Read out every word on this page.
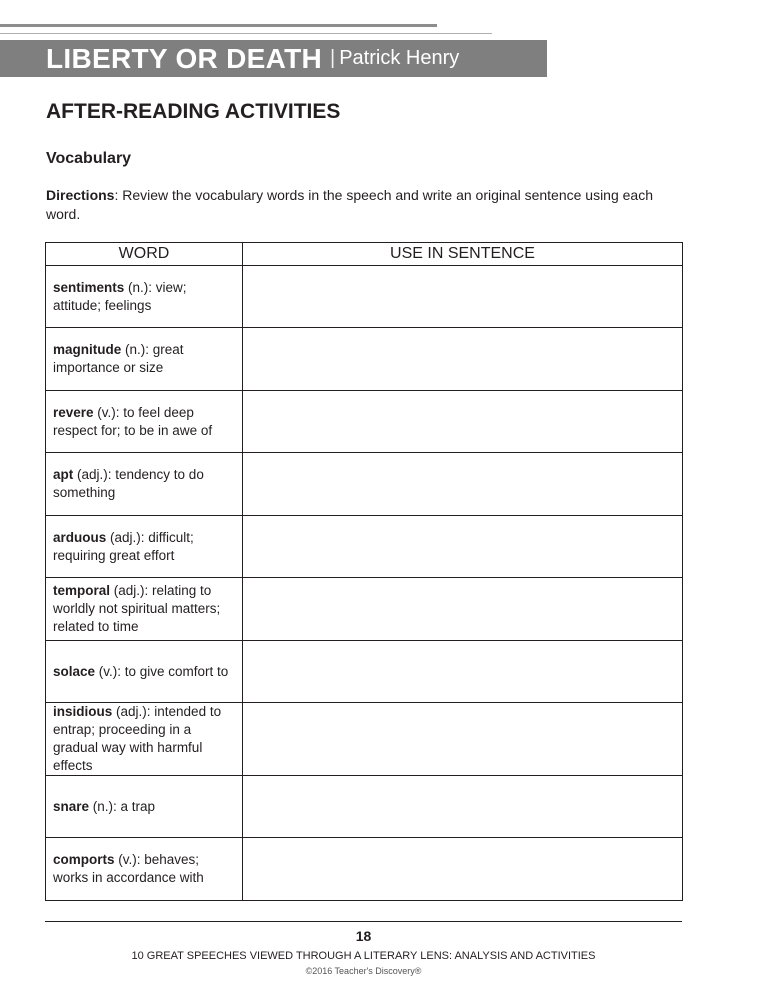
LIBERTY OR DEATH | Patrick Henry
AFTER-READING ACTIVITIES
Vocabulary

Directions: Review the vocabulary words in the speech and write an original sentence using each word.

WORD	USE IN SENTENCE
sentiments (n.): view; attitude; feelings	
magnitude (n.): great importance or size	
revere (v.): to feel deep respect for; to be in awe of	
apt (adj.): tendency to do something	
arduous (adj.): difficult; requiring great effort	
temporal (adj.): relating to worldly not spiritual matters; related to time	
solace (v.): to give comfort to	
insidious (adj.): intended to entrap; proceeding in a gradual way with harmful effects	
snare (n.): a trap	
comports (v.): behaves; works in accordance with	

18

10 GREAT SPEECHES VIEWED THROUGH A LITERARY LENS: ANALYSIS AND ACTIVITIES

©2016 Teacher's Discovery®
